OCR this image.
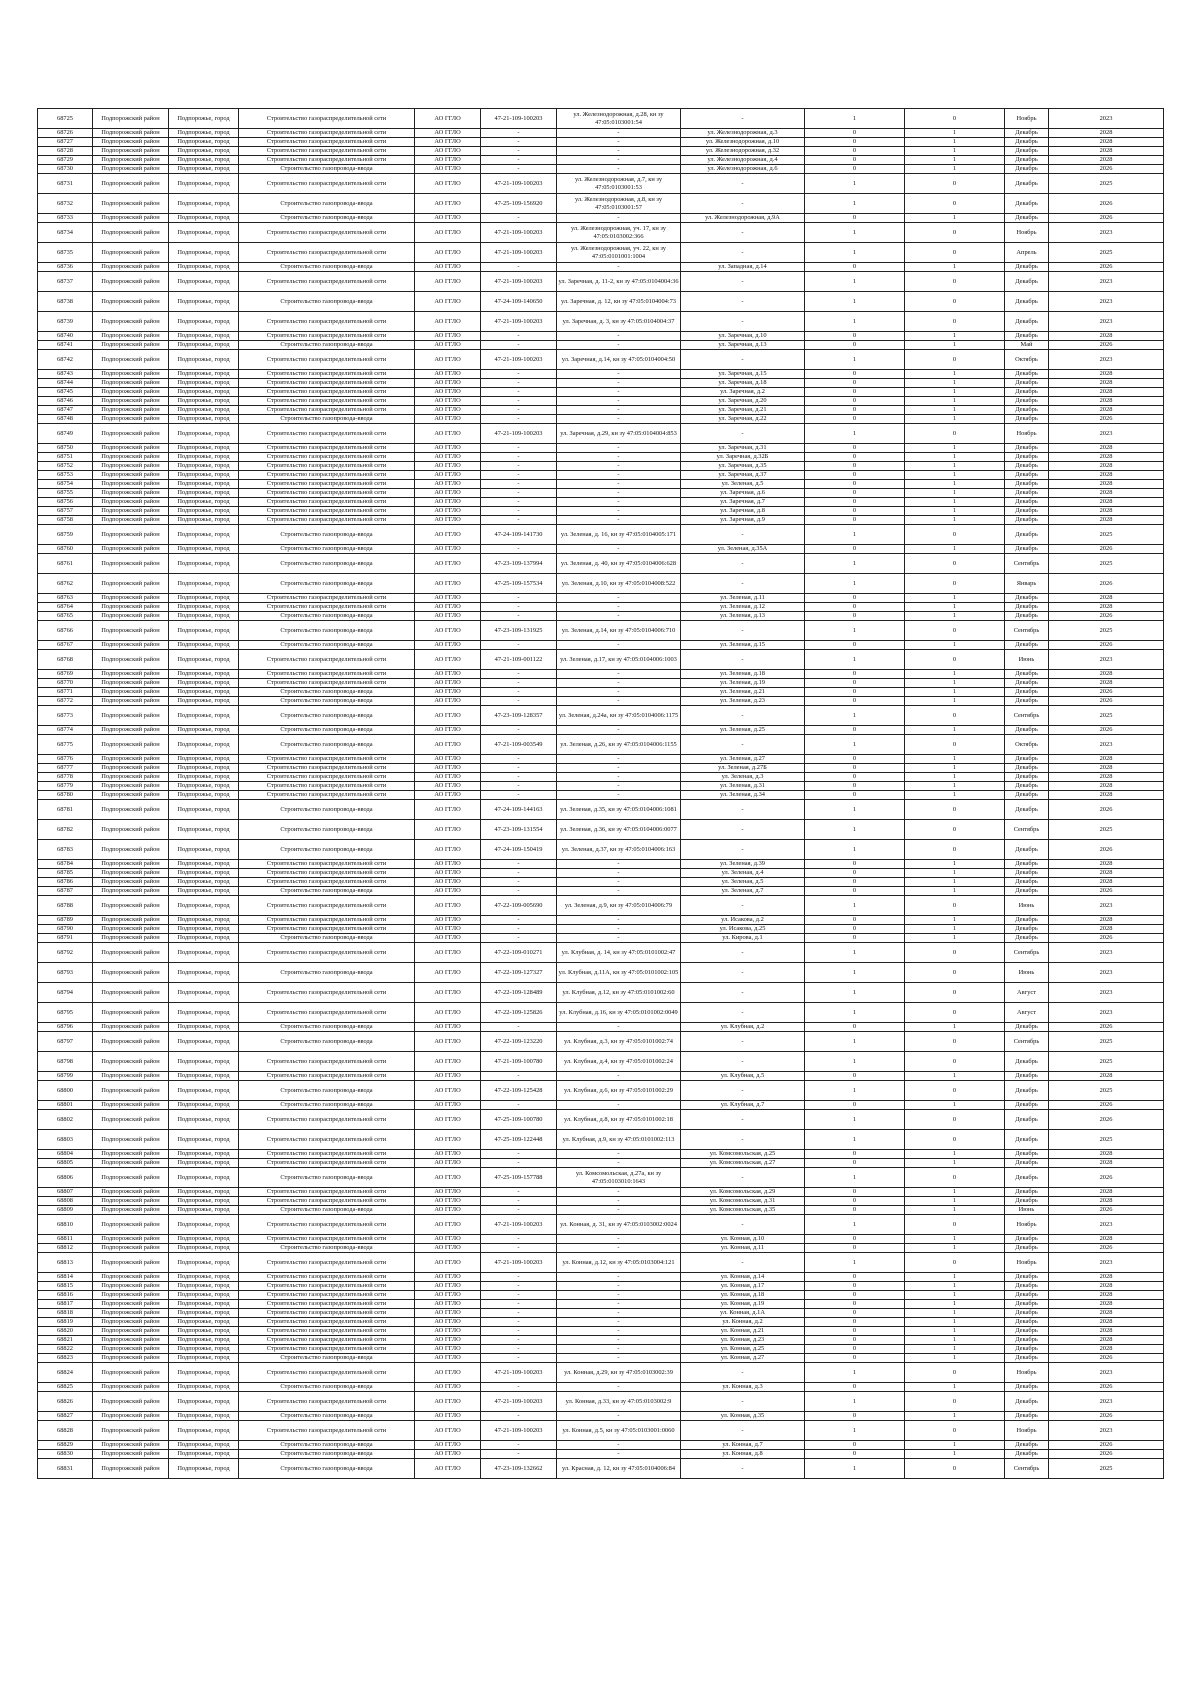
68725	Подпорожский район	Подпорожье, город	Строительство газораспределительной сети	АО ГГЛО	47-21-109-100203	ул. Железнодорожная, д.28, кн зу 47:05:0103001:54	-	1	0	Ноябрь	2023
68726	Подпорожский район	Подпорожье, город	Строительство газораспределительной сети	АО ГГЛО	-	-	ул. Железнодорожная, д.3	0	1	Декабрь	2028
68727	Подпорожский район	Подпорожье, город	Строительство газораспределительной сети	АО ГГЛО	-	-	ул. Железнодорожная, д.10	0	1	Декабрь	2028
68728	Подпорожский район	Подпорожье, город	Строительство газораспределительной сети	АО ГГЛО	-	-	ул. Железнодорожная, д.32	0	1	Декабрь	2028
68729	Подпорожский район	Подпорожье, город	Строительство газораспределительной сети	АО ГГЛО	-	-	ул. Железнодорожная, д.4	0	1	Декабрь	2028
68730	Подпорожский район	Подпорожье, город	Строительство газопровода-ввода	АО ГГЛО	-	-	ул. Железнодорожная, д.6	0	1	Декабрь	2026
68731	Подпорожский район	Подпорожье, город	Строительство газораспределительной сети	АО ГГЛО	47-21-109-100203	ул. Железнодорожная, д.7, кн зу 47:05:0103001:53	-	1	0	Декабрь	2025
68732	Подпорожский район	Подпорожье, город	Строительство газопровода-ввода	АО ГГЛО	47-25-109-156920	ул. Железнодорожная, д.8, кн зу 47:05:0103001:57	-	1	0	Декабрь	2026
68733	Подпорожский район	Подпорожье, город	Строительство газопровода-ввода	АО ГГЛО	-	-	ул. Железнодорожная, д.9А	0	1	Декабрь	2026
68734	Подпорожский район	Подпорожье, город	Строительство газораспределительной сети	АО ГГЛО	47-21-109-100203	ул. Железнодорожная, уч. 17, кн зу 47:05:0103002:366	-	1	0	Ноябрь	2023
68735	Подпорожский район	Подпорожье, город	Строительство газораспределительной сети	АО ГГЛО	47-21-109-100203	ул. Железнодорожная, уч. 22, кн зу 47:05:0101001:1004	-	1	0	Апрель	2025
68736	Подпорожский район	Подпорожье, город	Строительство газопровода-ввода	АО ГГЛО	-	-	ул. Западная, д.14	0	1	Декабрь	2026
68737	Подпорожский район	Подпорожье, город	Строительство газораспределительной сети	АО ГГЛО	47-21-109-100203	ул. Заречная, д. 11-2, кн зу 47:05:0104004:36	-	1	0	Декабрь	2023
68738	Подпорожский район	Подпорожье, город	Строительство газопровода-ввода	АО ГГЛО	47-24-109-140650	ул. Заречная, д. 12, кн зу 47:05:0104004:73	-	1	0	Декабрь	2023
68739	Подпорожский район	Подпорожье, город	Строительство газораспределительной сети	АО ГГЛО	47-21-109-100203	ул. Заречная, д. 3, кн зу 47:05:0104004:37	-	1	0	Декабрь	2023
68740	Подпорожский район	Подпорожье, город	Строительство газораспределительной сети	АО ГГЛО	-	-	ул. Заречная, д.10	0	1	Декабрь	2028
68741	Подпорожский район	Подпорожье, город	Строительство газопровода-ввода	АО ГГЛО	-	-	ул. Заречная, д.13	0	1	Май	2026
68742	Подпорожский район	Подпорожье, город	Строительство газораспределительной сети	АО ГГЛО	47-21-109-100203	ул. Заречная, д.14, кн зу 47:05:0104004:50	-	1	0	Октябрь	2023
68743	Подпорожский район	Подпорожье, город	Строительство газораспределительной сети	АО ГГЛО	-	-	ул. Заречная, д.15	0	1	Декабрь	2028
68744	Подпорожский район	Подпорожье, город	Строительство газораспределительной сети	АО ГГЛО	-	-	ул. Заречная, д.18	0	1	Декабрь	2028
68745	Подпорожский район	Подпорожье, город	Строительство газораспределительной сети	АО ГГЛО	-	-	ул. Заречная, д.2	0	1	Декабрь	2028
68746	Подпорожский район	Подпорожье, город	Строительство газораспределительной сети	АО ГГЛО	-	-	ул. Заречная, д.20	0	1	Декабрь	2028
68747	Подпорожский район	Подпорожье, город	Строительство газораспределительной сети	АО ГГЛО	-	-	ул. Заречная, д.21	0	1	Декабрь	2028
68748	Подпорожский район	Подпорожье, город	Строительство газопровода-ввода	АО ГГЛО	-	-	ул. Заречная, д.22	0	1	Декабрь	2026
68749	Подпорожский район	Подпорожье, город	Строительство газораспределительной сети	АО ГГЛО	47-21-109-100203	ул. Заречная, д.29, кн зу 47:05:0104004:853	-	1	0	Ноябрь	2023
68750	Подпорожский район	Подпорожье, город	Строительство газораспределительной сети	АО ГГЛО	-	-	ул. Заречная, д.31	0	1	Декабрь	2028
68751	Подпорожский район	Подпорожье, город	Строительство газораспределительной сети	АО ГГЛО	-	-	ул. Заречная, д.32Б	0	1	Декабрь	2028
68752	Подпорожский район	Подпорожье, город	Строительство газораспределительной сети	АО ГГЛО	-	-	ул. Заречная, д.35	0	1	Декабрь	2028
68753	Подпорожский район	Подпорожье, город	Строительство газораспределительной сети	АО ГГЛО	-	-	ул. Заречная, д.37	0	1	Декабрь	2028
68754	Подпорожский район	Подпорожье, город	Строительство газораспределительной сети	АО ГГЛО	-	-	ул. Зеленая, д.5	0	1	Декабрь	2028
68755	Подпорожский район	Подпорожье, город	Строительство газораспределительной сети	АО ГГЛО	-	-	ул. Заречная, д.6	0	1	Декабрь	2028
68756	Подпорожский район	Подпорожье, город	Строительство газораспределительной сети	АО ГГЛО	-	-	ул. Заречная, д.7	0	1	Декабрь	2028
68757	Подпорожский район	Подпорожье, город	Строительство газораспределительной сети	АО ГГЛО	-	-	ул. Заречная, д.8	0	1	Декабрь	2028
68758	Подпорожский район	Подпорожье, город	Строительство газораспределительной сети	АО ГГЛО	-	-	ул. Заречная, д.9	0	1	Декабрь	2028
68759	Подпорожский район	Подпорожье, город	Строительство газопровода-ввода	АО ГГЛО	47-24-109-141730	ул. Зеленая, д. 16, кн зу 47:05:0104005:171	-	1	0	Декабрь	2025
68760	Подпорожский район	Подпорожье, город	Строительство газопровода-ввода	АО ГГЛО	-	-	ул. Зеленая, д.35А	0	1	Декабрь	2026
68761	Подпорожский район	Подпорожье, город	Строительство газопровода-ввода	АО ГГЛО	47-23-109-137994	ул. Зеленая, д. 40, кн зу 47:05:0104006:628	-	1	0	Сентябрь	2025
68762	Подпорожский район	Подпорожье, город	Строительство газопровода-ввода	АО ГГЛО	47-25-109-157534	ул. Зеленая, д.10, кн зу 47:05:0104008:522	-	1	0	Январь	2026
68763	Подпорожский район	Подпорожье, город	Строительство газораспределительной сети	АО ГГЛО	-	-	ул. Зеленая, д.11	0	1	Декабрь	2028
68764	Подпорожский район	Подпорожье, город	Строительство газораспределительной сети	АО ГГЛО	-	-	ул. Зеленая, д.12	0	1	Декабрь	2028
68765	Подпорожский район	Подпорожье, город	Строительство газопровода-ввода	АО ГГЛО	-	-	ул. Зеленая, д.13	0	1	Декабрь	2026
68766	Подпорожский район	Подпорожье, город	Строительство газопровода-ввода	АО ГГЛО	47-23-109-131925	ул. Зеленая, д.14, кн зу 47:05:0104006:710	-	1	0	Сентябрь	2025
68767	Подпорожский район	Подпорожье, город	Строительство газопровода-ввода	АО ГГЛО	-	-	ул. Зеленая, д.15	0	1	Декабрь	2026
68768	Подпорожский район	Подпорожье, город	Строительство газораспределительной сети	АО ГГЛО	47-21-109-001122	ул. Зеленая, д.17, кн зу 47:05:0104006:1003	-	1	0	Июнь	2023
68769	Подпорожский район	Подпорожье, город	Строительство газораспределительной сети	АО ГГЛО	-	-	ул. Зеленая, д.18	0	1	Декабрь	2028
68770	Подпорожский район	Подпорожье, город	Строительство газораспределительной сети	АО ГГЛО	-	-	ул. Зеленая, д.19	0	1	Декабрь	2028
68771	Подпорожский район	Подпорожье, город	Строительство газопровода-ввода	АО ГГЛО	-	-	ул. Зеленая, д.21	0	1	Декабрь	2026
68772	Подпорожский район	Подпорожье, город	Строительство газопровода-ввода	АО ГГЛО	-	-	ул. Зеленая, д.23	0	1	Декабрь	2026
68773	Подпорожский район	Подпорожье, город	Строительство газопровода-ввода	АО ГГЛО	47-23-109-128357	ул. Зеленая, д.24а, кн зу 47:05:0104006:1175	-	1	0	Сентябрь	2025
68774	Подпорожский район	Подпорожье, город	Строительство газопровода-ввода	АО ГГЛО	-	-	ул. Зеленая, д.25	0	1	Декабрь	2026
68775	Подпорожский район	Подпорожье, город	Строительство газопровода-ввода	АО ГГЛО	47-21-109-003549	ул. Зеленая, д.26, кн зу 47:05:0104006:1155	-	1	0	Октябрь	2023
68776	Подпорожский район	Подпорожье, город	Строительство газораспределительной сети	АО ГГЛО	-	-	ул. Зеленая, д.27	0	1	Декабрь	2028
68777	Подпорожский район	Подпорожье, город	Строительство газораспределительной сети	АО ГГЛО	-	-	ул. Зеленая, д.27Б	0	1	Декабрь	2028
68778	Подпорожский район	Подпорожье, город	Строительство газораспределительной сети	АО ГГЛО	-	-	ул. Зеленая, д.3	0	1	Декабрь	2028
68779	Подпорожский район	Подпорожье, город	Строительство газораспределительной сети	АО ГГЛО	-	-	ул. Зеленая, д.31	0	1	Декабрь	2028
68780	Подпорожский район	Подпорожье, город	Строительство газораспределительной сети	АО ГГЛО	-	-	ул. Зеленая, д.34	0	1	Декабрь	2028
68781	Подпорожский район	Подпорожье, город	Строительство газопровода-ввода	АО ГГЛО	47-24-109-144163	ул. Зеленая, д.35, кн зу 47:05:0104006:1081	-	1	0	Декабрь	2026
68782	Подпорожский район	Подпорожье, город	Строительство газопровода-ввода	АО ГГЛО	47-23-109-131554	ул. Зеленая, д.36, кн зу 47:05:0104006:0077	-	1	0	Сентябрь	2025
68783	Подпорожский район	Подпорожье, город	Строительство газопровода-ввода	АО ГГЛО	47-24-109-150419	ул. Зеленая, д.37, кн зу 47:05:0104006:163	-	1	0	Декабрь	2026
68784	Подпорожский район	Подпорожье, город	Строительство газораспределительной сети	АО ГГЛО	-	-	ул. Зеленая, д.39	0	1	Декабрь	2028
68785	Подпорожский район	Подпорожье, город	Строительство газораспределительной сети	АО ГГЛО	-	-	ул. Зеленая, д.4	0	1	Декабрь	2028
68786	Подпорожский район	Подпорожье, город	Строительство газораспределительной сети	АО ГГЛО	-	-	ул. Зеленая, д.5	0	1	Декабрь	2028
68787	Подпорожский район	Подпорожье, город	Строительство газопровода-ввода	АО ГГЛО	-	-	ул. Зеленая, д.7	0	1	Декабрь	2026
68788	Подпорожский район	Подпорожье, город	Строительство газораспределительной сети	АО ГГЛО	47-22-109-005690	ул. Зеленая, д.9, кн зу 47:05:0104006:79	-	1	0	Июнь	2023
68789	Подпорожский район	Подпорожье, город	Строительство газораспределительной сети	АО ГГЛО	-	-	ул. Исакова, д.2	0	1	Декабрь	2028
68790	Подпорожский район	Подпорожье, город	Строительство газораспределительной сети	АО ГГЛО	-	-	ул. Исакова, д.25	0	1	Декабрь	2028
68791	Подпорожский район	Подпорожье, город	Строительство газопровода-ввода	АО ГГЛО	-	-	ул. Кирова, д.1	0	1	Декабрь	2026
68792	Подпорожский район	Подпорожье, город	Строительство газораспределительной сети	АО ГГЛО	47-22-109-010271	ул. Клубная, д. 14, кн зу 47:05:0101002:47	-	1	0	Сентябрь	2023
68793	Подпорожский район	Подпорожье, город	Строительство газопровода-ввода	АО ГГЛО	47-22-109-127327	ул. Клубная, д.11А, кн зу 47:05:0101002:105	-	1	0	Июнь	2023
68794	Подпорожский район	Подпорожье, город	Строительство газораспределительной сети	АО ГГЛО	47-22-109-128489	ул. Клубная, д.12, кн зу 47:05:0101002:60	-	1	0	Август	2023
68795	Подпорожский район	Подпорожье, город	Строительство газораспределительной сети	АО ГГЛО	47-22-109-125826	ул. Клубная, д.16, кн зу 47:05:0101002:0049	-	1	0	Август	2023
68796	Подпорожский район	Подпорожье, город	Строительство газопровода-ввода	АО ГГЛО	-	-	ул. Клубная, д.2	0	1	Декабрь	2026
68797	Подпорожский район	Подпорожье, город	Строительство газопровода-ввода	АО ГГЛО	47-22-109-123220	ул. Клубная, д.3, кн зу 47:05:0101002:74	-	1	0	Сентябрь	2025
68798	Подпорожский район	Подпорожье, город	Строительство газораспределительной сети	АО ГГЛО	47-21-109-100780	ул. Клубная, д.4, кн зу 47:05:0101002:24	-	1	0	Декабрь	2025
68799	Подпорожский район	Подпорожье, город	Строительство газораспределительной сети	АО ГГЛО	-	-	ул. Клубная, д.5	0	1	Декабрь	2028
68800	Подпорожский район	Подпорожье, город	Строительство газопровода-ввода	АО ГГЛО	47-22-109-125428	ул. Клубная, д.6, кн зу 47:05:0101002:29	-	1	0	Декабрь	2025
68801	Подпорожский район	Подпорожье, город	Строительство газопровода-ввода	АО ГГЛО	-	-	ул. Клубная, д.7	0	1	Декабрь	2026
68802	Подпорожский район	Подпорожье, город	Строительство газораспределительной сети	АО ГГЛО	47-25-109-100780	ул. Клубная, д.8, кн зу 47:05:0101002:18	-	1	0	Декабрь	2026
68803	Подпорожский район	Подпорожье, город	Строительство газораспределительной сети	АО ГГЛО	47-25-109-122448	ул. Клубная, д.9, кн зу 47:05:0101002:113	-	1	0	Декабрь	2025
68804	Подпорожский район	Подпорожье, город	Строительство газораспределительной сети	АО ГГЛО	-	-	ул. Комсомольская, д.25	0	1	Декабрь	2028
68805	Подпорожский район	Подпорожье, город	Строительство газораспределительной сети	АО ГГЛО	-	-	ул. Комсомольская, д.27	0	1	Декабрь	2028
68806	Подпорожский район	Подпорожье, город	Строительство газопровода-ввода	АО ГГЛО	47-25-109-157788	ул. Комсомольская, д.27а, кн зу 47:05:0103010:1643	-	1	0	Декабрь	2026
68807	Подпорожский район	Подпорожье, город	Строительство газораспределительной сети	АО ГГЛО	-	-	ул. Комсомольская, д.29	0	1	Декабрь	2028
68808	Подпорожский район	Подпорожье, город	Строительство газораспределительной сети	АО ГГЛО	-	-	ул. Комсомольская, д.31	0	1	Декабрь	2028
68809	Подпорожский район	Подпорожье, город	Строительство газопровода-ввода	АО ГГЛО	-	-	ул. Комсомольская, д.35	0	1	Июнь	2026
68810	Подпорожский район	Подпорожье, город	Строительство газораспределительной сети	АО ГГЛО	47-21-109-100203	ул. Конная, д. 31, кн зу 47:05:0103002:0024	-	1	0	Ноябрь	2023
68811	Подпорожский район	Подпорожье, город	Строительство газораспределительной сети	АО ГГЛО	-	-	ул. Конная, д.10	0	1	Декабрь	2028
68812	Подпорожский район	Подпорожье, город	Строительство газопровода-ввода	АО ГГЛО	-	-	ул. Конная, д.11	0	1	Декабрь	2026
68813	Подпорожский район	Подпорожье, город	Строительство газораспределительной сети	АО ГГЛО	47-21-109-100203	ул. Конная, д.12, кн зу 47:05:0103004:121	-	1	0	Ноябрь	2023
68814	Подпорожский район	Подпорожье, город	Строительство газораспределительной сети	АО ГГЛО	-	-	ул. Конная, д.14	0	1	Декабрь	2028
68815	Подпорожский район	Подпорожье, город	Строительство газораспределительной сети	АО ГГЛО	-	-	ул. Конная, д.17	0	1	Декабрь	2028
68816	Подпорожский район	Подпорожье, город	Строительство газораспределительной сети	АО ГГЛО	-	-	ул. Конная, д.18	0	1	Декабрь	2028
68817	Подпорожский район	Подпорожье, город	Строительство газораспределительной сети	АО ГГЛО	-	-	ул. Конная, д.19	0	1	Декабрь	2028
68818	Подпорожский район	Подпорожье, город	Строительство газораспределительной сети	АО ГГЛО	-	-	ул. Конная, д.1А	0	1	Декабрь	2028
68819	Подпорожский район	Подпорожье, город	Строительство газораспределительной сети	АО ГГЛО	-	-	ул. Конная, д.2	0	1	Декабрь	2028
68820	Подпорожский район	Подпорожье, город	Строительство газораспределительной сети	АО ГГЛО	-	-	ул. Конная, д.21	0	1	Декабрь	2028
68821	Подпорожский район	Подпорожье, город	Строительство газораспределительной сети	АО ГГЛО	-	-	ул. Конная, д.23	0	1	Декабрь	2028
68822	Подпорожский район	Подпорожье, город	Строительство газораспределительной сети	АО ГГЛО	-	-	ул. Конная, д.25	0	1	Декабрь	2028
68823	Подпорожский район	Подпорожье, город	Строительство газопровода-ввода	АО ГГЛО	-	-	ул. Конная, д.27	0	1	Декабрь	2026
68824	Подпорожский район	Подпорожье, город	Строительство газораспределительной сети	АО ГГЛО	47-21-109-100203	ул. Конная, д.29, кн зу 47:05:0103002:39	-	1	0	Ноябрь	2023
68825	Подпорожский район	Подпорожье, город	Строительство газопровода-ввода	АО ГГЛО	-	-	ул. Конная, д.3	0	1	Декабрь	2026
68826	Подпорожский район	Подпорожье, город	Строительство газораспределительной сети	АО ГГЛО	47-21-109-100203	ул. Конная, д.33, кн зу 47:05:0103002:9	-	1	0	Декабрь	2023
68827	Подпорожский район	Подпорожье, город	Строительство газопровода-ввода	АО ГГЛО	-	-	ул. Конная, д.35	0	1	Декабрь	2026
68828	Подпорожский район	Подпорожье, город	Строительство газораспределительной сети	АО ГГЛО	47-21-109-100203	ул. Конная, д.5, кн зу 47:05:0103001:0060	-	1	0	Ноябрь	2023
68829	Подпорожский район	Подпорожье, город	Строительство газопровода-ввода	АО ГГЛО	-	-	ул. Конная, д.7	0	1	Декабрь	2026
68830	Подпорожский район	Подпорожье, город	Строительство газопровода-ввода	АО ГГЛО	-	-	ул. Конная, д.8	0	1	Декабрь	2026
68831	Подпорожский район	Подпорожье, город	Строительство газопровода-ввода	АО ГГЛО	47-23-109-132662	ул. Красная, д. 12, кн зу 47:05:0104006:84	-	1	0	Сентябрь	2025
